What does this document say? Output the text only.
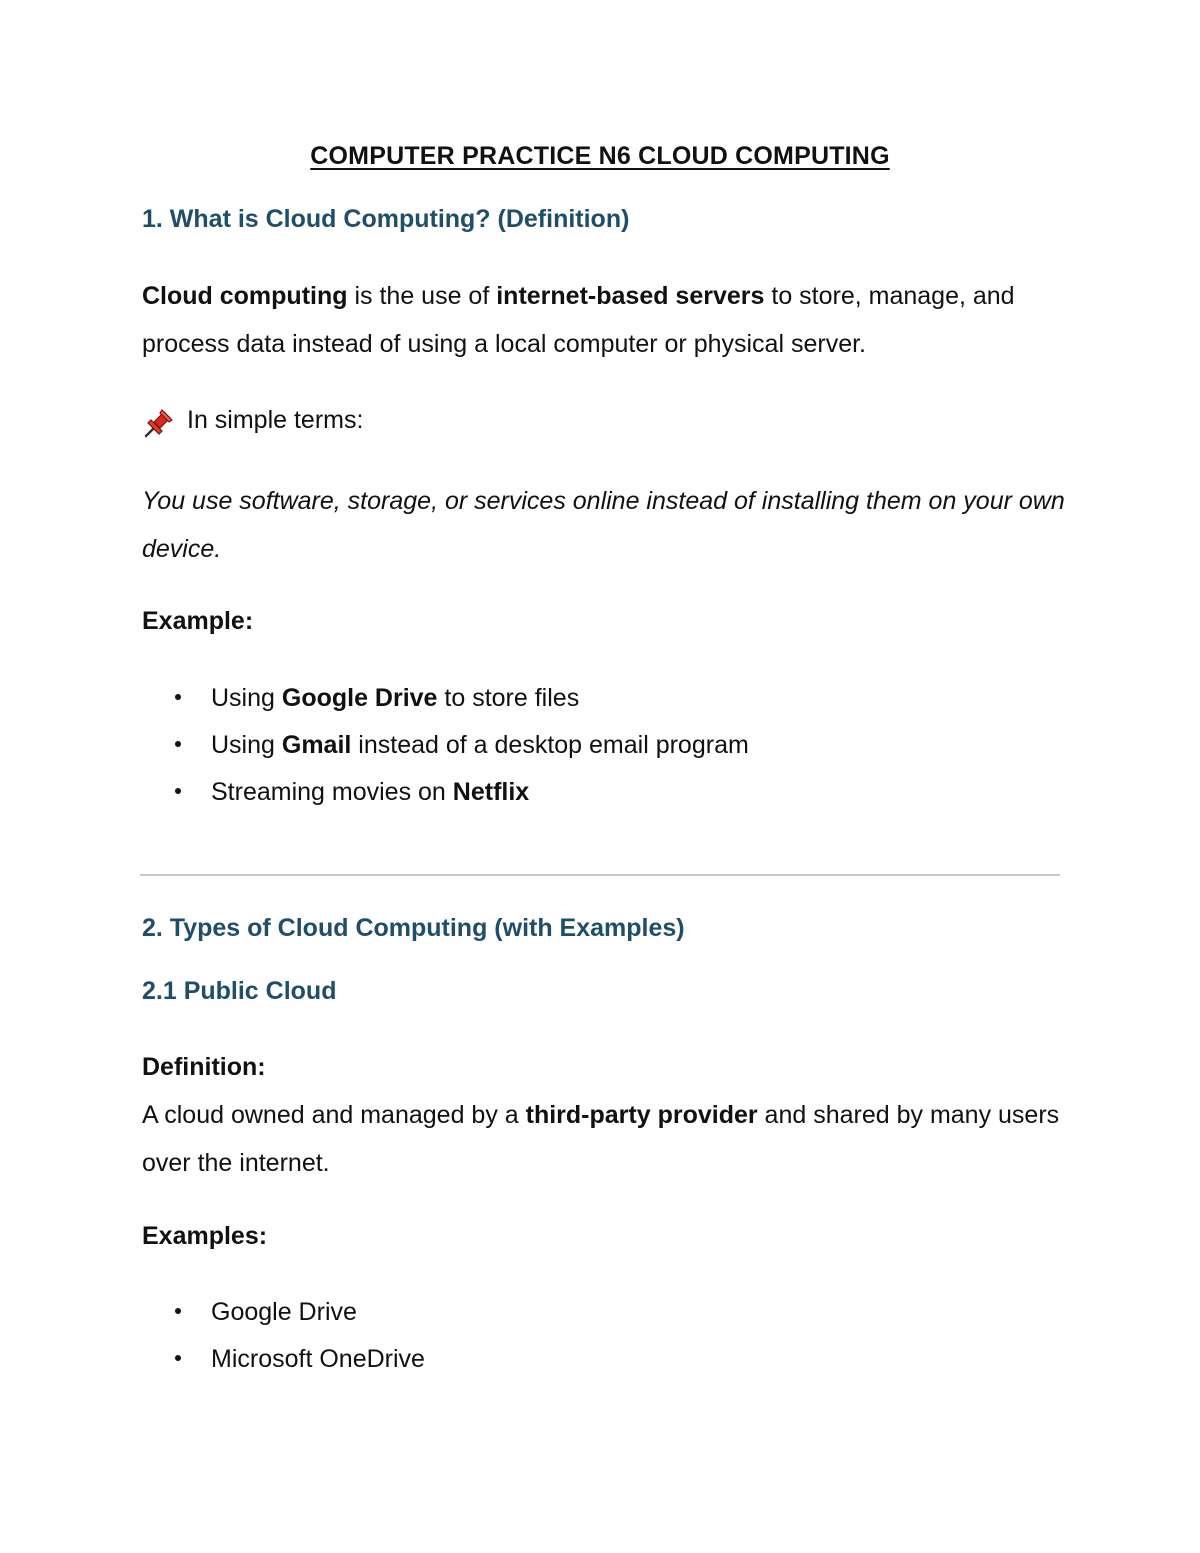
COMPUTER PRACTICE N6 CLOUD COMPUTING
1. What is Cloud Computing? (Definition)
Cloud computing is the use of internet-based servers to store, manage, and process data instead of using a local computer or physical server.
In simple terms:
You use software, storage, or services online instead of installing them on your own device.
Example:
Using Google Drive to store files
Using Gmail instead of a desktop email program
Streaming movies on Netflix
2. Types of Cloud Computing (with Examples)
2.1 Public Cloud
Definition:
A cloud owned and managed by a third-party provider and shared by many users over the internet.
Examples:
Google Drive
Microsoft OneDrive
